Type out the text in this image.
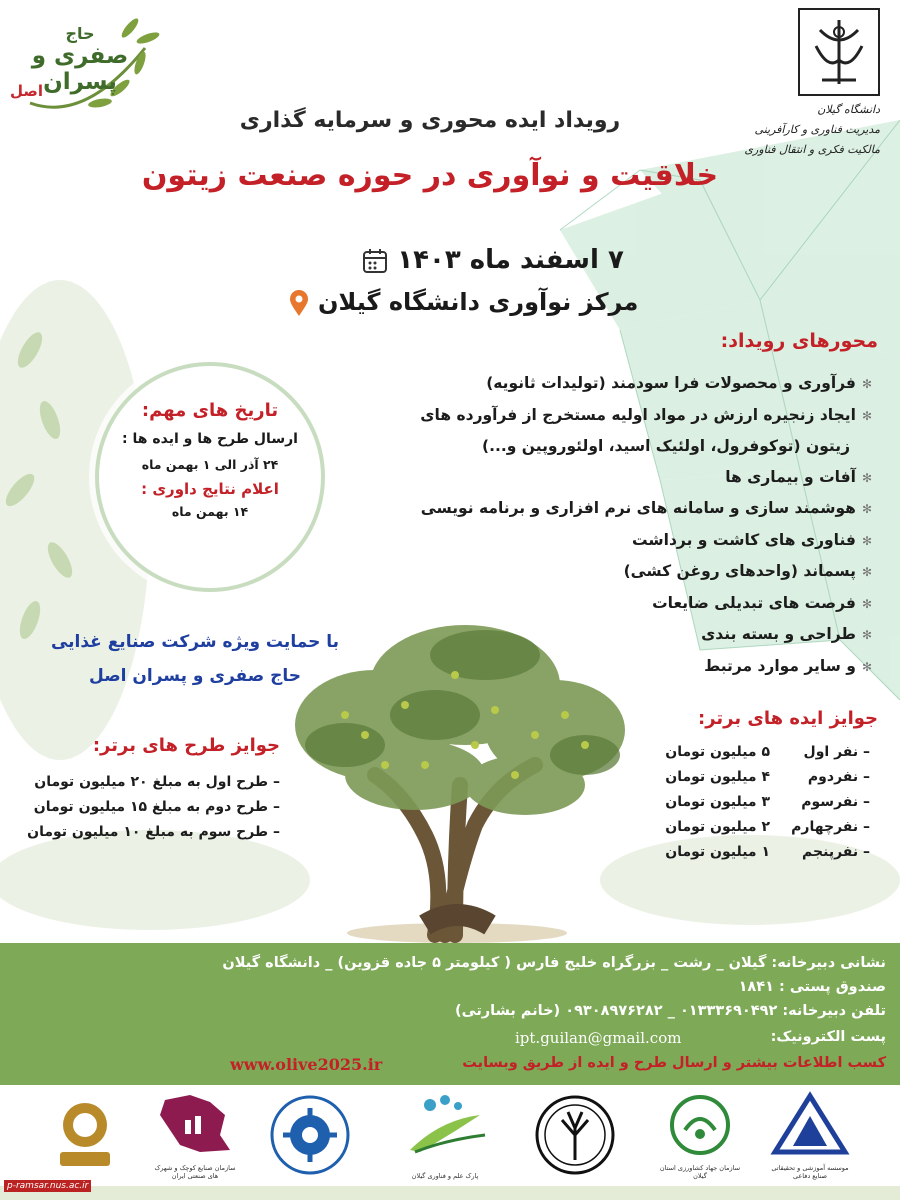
دانشگاه گیلان
مدیریت فناوری و کارآفرینی
مالکیت فکری و انتقال فناوری
حاج
صفری و
پسران
اصل
رویداد ایده محوری و سرمایه گذاری
خلاقیت و نوآوری در حوزه صنعت زیتون
۷ اسفند ماه ۱۴۰۳
مرکز نوآوری دانشگاه گیلان
محورهای رویداد:
✻فرآوری و محصولات فرا سودمند (تولیدات ثانویه)
✻ایجاد زنجیره ارزش در مواد اولیه مستخرج از فرآورده های
زیتون (توکوفرول، اولئیک اسید، اولئوروپین و...)
✻آفات و بیماری ها
✻هوشمند سازی و سامانه های نرم افزاری و برنامه نویسی
✻فناوری های کاشت و برداشت
✻پسماند (واحدهای روغن کشی)
✻فرصت های تبدیلی ضایعات
✻طراحی و بسته بندی
✻و سایر موارد مرتبط
تاریخ های مهم:
ارسال طرح ها و ایده ها :
۲۴ آذر الی ۱ بهمن ماه
اعلام نتایج داوری :
۱۴ بهمن ماه
با حمایت ویژه شرکت صنایع غذایی
حاج صفری و پسران اصل
جوایز ایده های برتر:
– نفر اول
۵ میلیون تومان
– نفردوم
۴ میلیون تومان
– نفرسوم
۳ میلیون تومان
– نفرچهارم
۲ میلیون تومان
– نفرپنجم
۱ میلیون تومان
جوایز طرح های برتر:
– طرح اول به مبلغ ۲۰ میلیون تومان
– طرح دوم به مبلغ ۱۵ میلیون تومان
– طرح سوم به مبلغ ۱۰ میلیون تومان
نشانی دبیرخانه: گیلان _ رشت _ بزرگراه خلیج فارس ( کیلومتر ۵ جاده قزوین) _ دانشگاه گیلان
صندوق پستی : ۱۸۴۱
تلفن دبیرخانه: ۰۱۳۳۳۶۹۰۴۹۲ _ ۰۹۳۰۸۹۷۶۲۸۲ (خانم بشارتی)
پست الکترونیک:
ipt.guilan@gmail.com
کسب اطلاعات بیشتر و ارسال طرح و ایده از طریق وبسایت
www.olive2025.ir
موسسه آموزشی و تحقیقاتی صنایع دفاعی
سازمان جهاد کشاورزی استان گیلان
پارک علم و فناوری گیلان
سازمان صنایع کوچک و شهرک های صنعتی ایران
p-ramsar.nus.ac.ir
